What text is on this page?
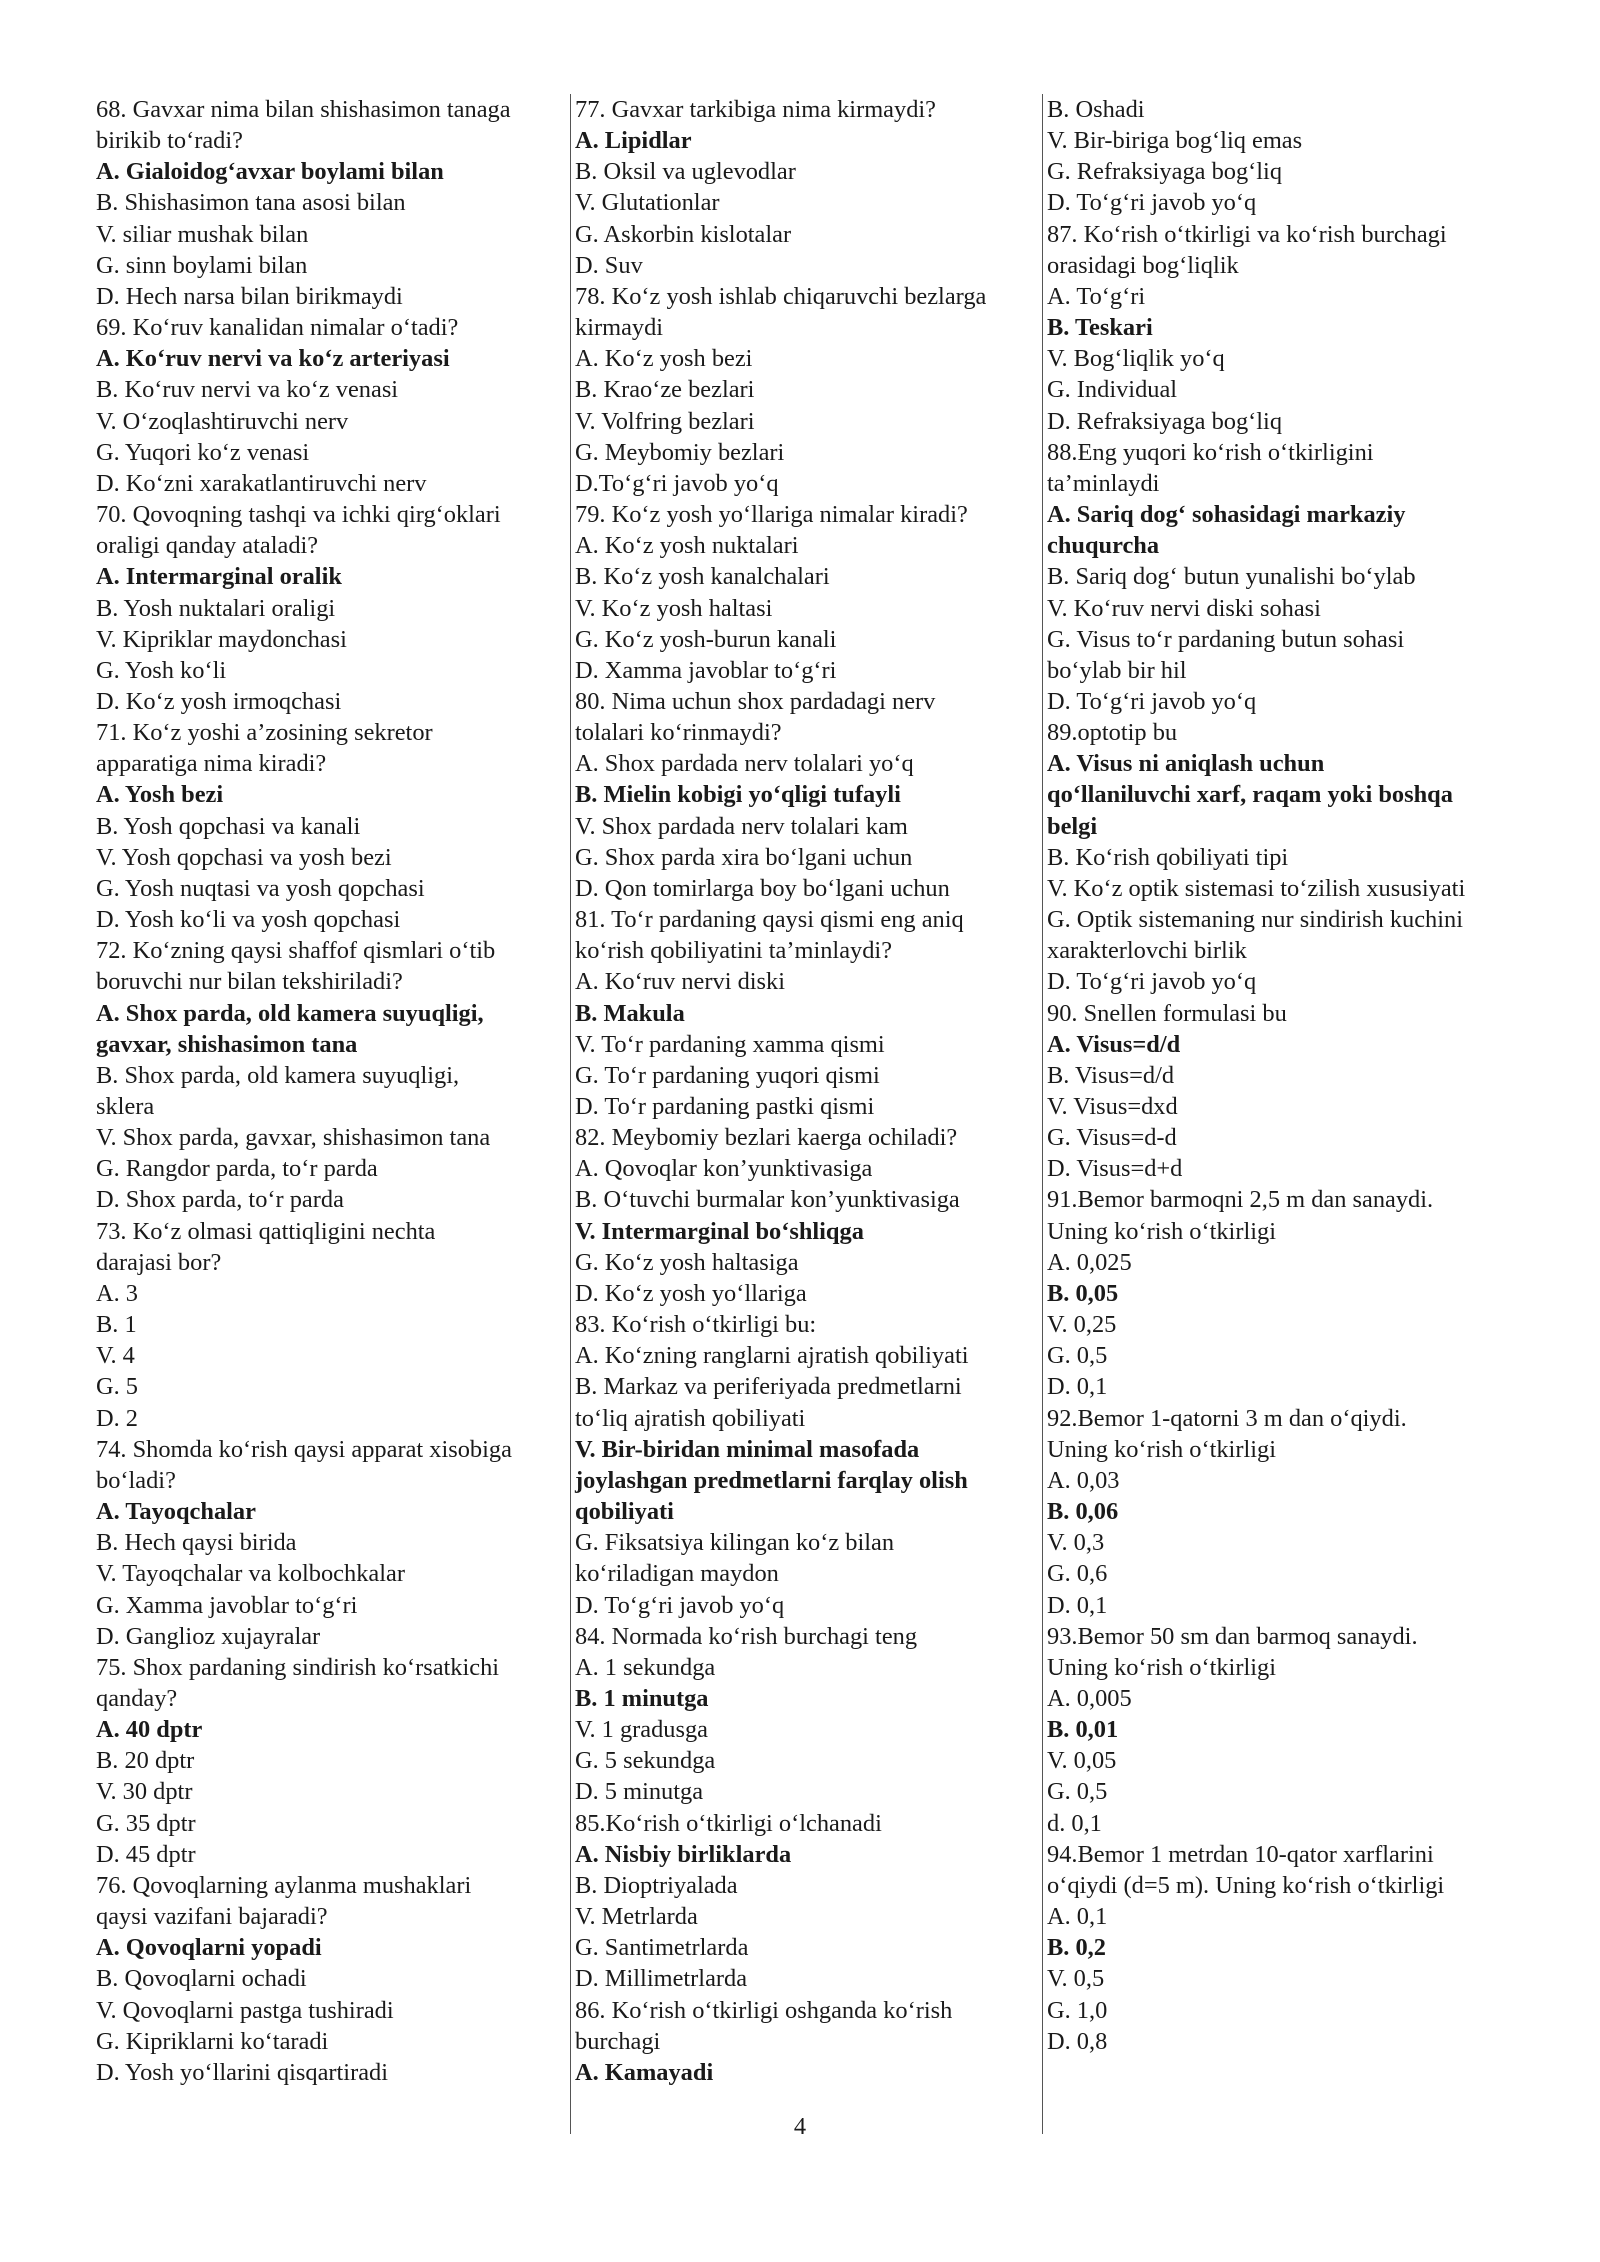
68. Gavxar nima bilan shishasimon tanaga
birikib to‘radi?
A. Gialoidog‘avxar boylami bilan
B. Shishasimon tana asosi bilan
V. siliar mushak bilan
G. sinn boylami bilan
D. Hech narsa bilan birikmaydi
69. Ko‘ruv kanalidan nimalar o‘tadi?
A. Ko‘ruv nervi va ko‘z arteriyasi
B. Ko‘ruv nervi va ko‘z venasi
V. O‘zoqlashtiruvchi nerv
G. Yuqori ko‘z venasi
D. Ko‘zni xarakatlantiruvchi nerv
70. Qovoqning tashqi va ichki qirg‘oklari
oraligi qanday ataladi?
A. Intermarginal oralik
B. Yosh nuktalari oraligi
V. Kipriklar maydonchasi
G. Yosh ko‘li
D. Ko‘z yosh irmoqchasi
71. Ko‘z yoshi a’zosining sekretor
apparatiga nima kiradi?
A. Yosh bezi
B. Yosh qopchasi va kanali
V. Yosh qopchasi va yosh bezi
G. Yosh nuqtasi va yosh qopchasi
D. Yosh ko‘li va yosh qopchasi
72. Ko‘zning qaysi shaffof qismlari o‘tib
boruvchi nur bilan tekshiriladi?
A. Shox parda, old kamera suyuqligi,
gavxar, shishasimon tana
B. Shox parda, old kamera suyuqligi,
sklera
V. Shox parda, gavxar, shishasimon tana
G. Rangdor parda, to‘r parda
D. Shox parda, to‘r parda
73. Ko‘z olmasi qattiqligini nechta
darajasi bor?
A. 3
B. 1
V. 4
G. 5
D. 2
74. Shomda ko‘rish qaysi apparat xisobiga
bo‘ladi?
A. Tayoqchalar
B. Hech qaysi birida
V. Tayoqchalar va kolbochkalar
G. Xamma javoblar to‘g‘ri
D. Ganglioz xujayralar
75. Shox pardaning sindirish ko‘rsatkichi
qanday?
A. 40 dptr
B. 20 dptr
V. 30 dptr
G. 35 dptr
D. 45 dptr
76. Qovoqlarning aylanma mushaklari
qaysi vazifani bajaradi?
A. Qovoqlarni yopadi
B. Qovoqlarni ochadi
V. Qovoqlarni pastga tushiradi
G. Kipriklarni ko‘taradi
D. Yosh yo‘llarini qisqartiradi
77. Gavxar tarkibiga nima kirmaydi?
A. Lipidlar
B. Oksil va uglevodlar
V. Glutationlar
G. Askorbin kislotalar
D. Suv
78. Ko‘z yosh ishlab chiqaruvchi bezlarga
kirmaydi
A. Ko‘z yosh bezi
B. Krao‘ze bezlari
V. Volfring bezlari
G. Meybomiy bezlari
D.To‘g‘ri javob yo‘q
79. Ko‘z yosh yo‘llariga nimalar kiradi?
A. Ko‘z yosh nuktalari
B. Ko‘z yosh kanalchalari
V. Ko‘z yosh haltasi
G. Ko‘z yosh-burun kanali
D. Xamma javoblar to‘g‘ri
80. Nima uchun shox pardadagi nerv
tolalari ko‘rinmaydi?
A. Shox pardada nerv tolalari yo‘q
B. Mielin kobigi yo‘qligi tufayli
V. Shox pardada nerv tolalari kam
G. Shox parda xira bo‘lgani uchun
D. Qon tomirlarga boy bo‘lgani uchun
81. To‘r pardaning qaysi qismi eng aniq
ko‘rish qobiliyatini ta’minlaydi?
A. Ko‘ruv nervi diski
B. Makula
V. To‘r pardaning xamma qismi
G. To‘r pardaning yuqori qismi
D. To‘r pardaning pastki qismi
82. Meybomiy bezlari kaerga ochiladi?
A. Qovoqlar kon’yunktivasiga
B. O‘tuvchi burmalar kon’yunktivasiga
V. Intermarginal bo‘shliqga
G. Ko‘z yosh haltasiga
D. Ko‘z yosh yo‘llariga
83. Ko‘rish o‘tkirligi bu:
A. Ko‘zning ranglarni ajratish qobiliyati
B. Markaz va periferiyada predmetlarni
to‘liq ajratish qobiliyati
V. Bir-biridan minimal masofada
joylashgan predmetlarni farqlay olish
qobiliyati
G. Fiksatsiya kilingan ko‘z bilan
ko‘riladigan maydon
D. To‘g‘ri javob yo‘q
84. Normada ko‘rish burchagi teng
A. 1 sekundga
B. 1 minutga
V. 1 gradusga
G. 5 sekundga
D. 5 minutga
85.Ko‘rish o‘tkirligi o‘lchanadi
A. Nisbiy birliklarda
B. Dioptriyalada
V. Metrlarda
G. Santimetrlarda
D. Millimetrlarda
86. Ko‘rish o‘tkirligi oshganda ko‘rish
burchagi
A. Kamayadi
B. Oshadi
V. Bir-biriga bog‘liq emas
G. Refraksiyaga bog‘liq
D. To‘g‘ri javob yo‘q
87. Ko‘rish o‘tkirligi va ko‘rish burchagi
orasidagi bog‘liqlik
A. To‘g‘ri
B. Teskari
V. Bog‘liqlik yo‘q
G. Individual
D. Refraksiyaga bog‘liq
88.Eng yuqori ko‘rish o‘tkirligini
ta’minlaydi
A. Sariq dog‘ sohasidagi markaziy
chuqurcha
B. Sariq dog‘ butun yunalishi bo‘ylab
V. Ko‘ruv nervi diski sohasi
G. Visus to‘r pardaning butun sohasi
bo‘ylab bir hil
D. To‘g‘ri javob yo‘q
89.optotip bu
A. Visus ni aniqlash uchun
qo‘llaniluvchi xarf, raqam yoki boshqa
belgi
B. Ko‘rish qobiliyati tipi
V. Ko‘z optik sistemasi to‘zilish xususiyati
G. Optik sistemaning nur sindirish kuchini
xarakterlovchi birlik
D. To‘g‘ri javob yo‘q
90. Snellen formulasi bu
A. Visus=d/d
B. Visus=d/d
V. Visus=dxd
G. Visus=d-d
D. Visus=d+d
91.Bemor barmoqni 2,5 m dan sanaydi.
Uning ko‘rish o‘tkirligi
A. 0,025
B. 0,05
V. 0,25
G. 0,5
D. 0,1
92.Bemor 1-qatorni 3 m dan o‘qiydi.
Uning ko‘rish o‘tkirligi
A. 0,03
B. 0,06
V. 0,3
G. 0,6
D. 0,1
93.Bemor 50 sm dan barmoq sanaydi.
Uning ko‘rish o‘tkirligi
A. 0,005
B. 0,01
V. 0,05
G. 0,5
d. 0,1
94.Bemor 1 metrdan 10-qator xarflarini
o‘qiydi (d=5 m). Uning ko‘rish o‘tkirligi
A. 0,1
B. 0,2
V. 0,5
G. 1,0
D. 0,8
4
